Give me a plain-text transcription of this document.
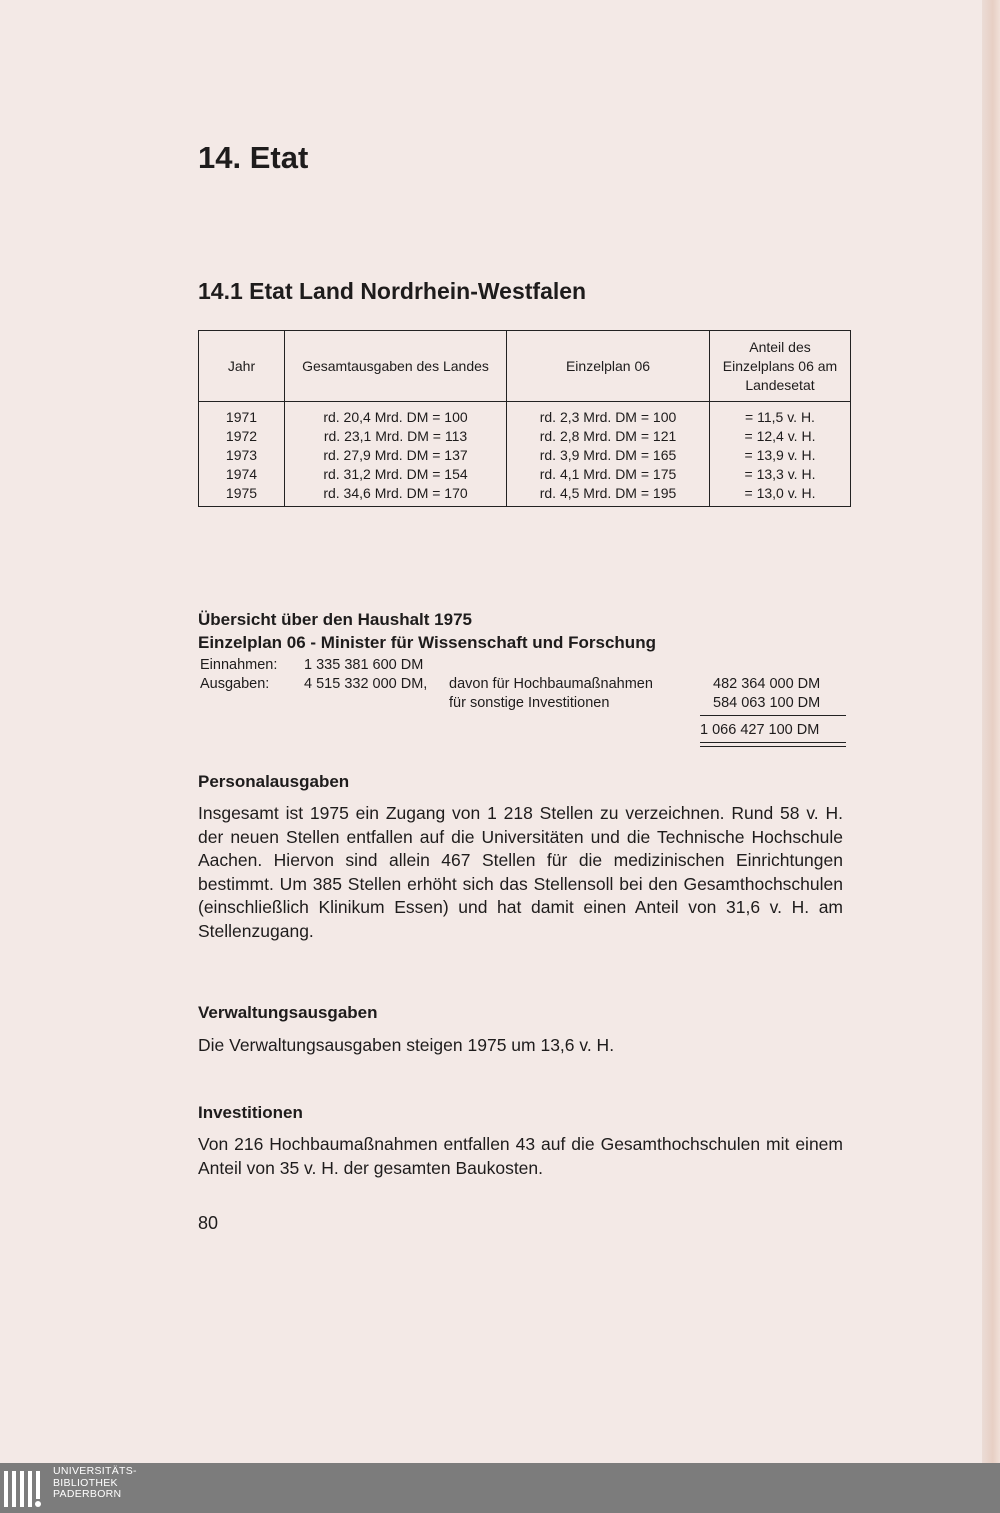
14. Etat
14.1 Etat Land Nordrhein-Westfalen
Jahr	Gesamtausgaben des Landes	Einzelplan 06	Anteil des Einzelplans 06 am Landesetat
1971	rd. 20,4 Mrd. DM = 100	rd. 2,3 Mrd. DM = 100	= 11,5 v. H.
1972	rd. 23,1 Mrd. DM = 113	rd. 2,8 Mrd. DM = 121	= 12,4 v. H.
1973	rd. 27,9 Mrd. DM = 137	rd. 3,9 Mrd. DM = 165	= 13,9 v. H.
1974	rd. 31,2 Mrd. DM = 154	rd. 4,1 Mrd. DM = 175	= 13,3 v. H.
1975	rd. 34,6 Mrd. DM = 170	rd. 4,5 Mrd. DM = 195	= 13,0 v. H.
Übersicht über den Haushalt 1975
Einzelplan 06 - Minister für Wissenschaft und Forschung
Einnahmen: 1 335 381 600 DM
Ausgaben: 4 515 332 000 DM, davon für Hochbaumaßnahmen	482 364 000 DM
für sonstige Investitionen	584 063 100 DM
1 066 427 100 DM
Personalausgaben

Insgesamt ist 1975 ein Zugang von 1 218 Stellen zu verzeichnen. Rund 58 v. H. der neuen Stellen entfallen auf die Universitäten und die Technische Hochschule Aachen. Hiervon sind allein 467 Stellen für die medizinischen Einrichtungen bestimmt. Um 385 Stellen erhöht sich das Stellensoll bei den Gesamthochschulen (einschließlich Klinikum Essen) und hat damit einen Anteil von 31,6 v. H. am Stellenzugang.

Verwaltungsausgaben

Die Verwaltungsausgaben steigen 1975 um 13,6 v. H.

Investitionen

Von 216 Hochbaumaßnahmen entfallen 43 auf die Gesamthochschulen mit einem Anteil von 35 v. H. der gesamten Baukosten.

80

UNIVERSITÄTS-
BIBLIOTHEK
PADERBORN
